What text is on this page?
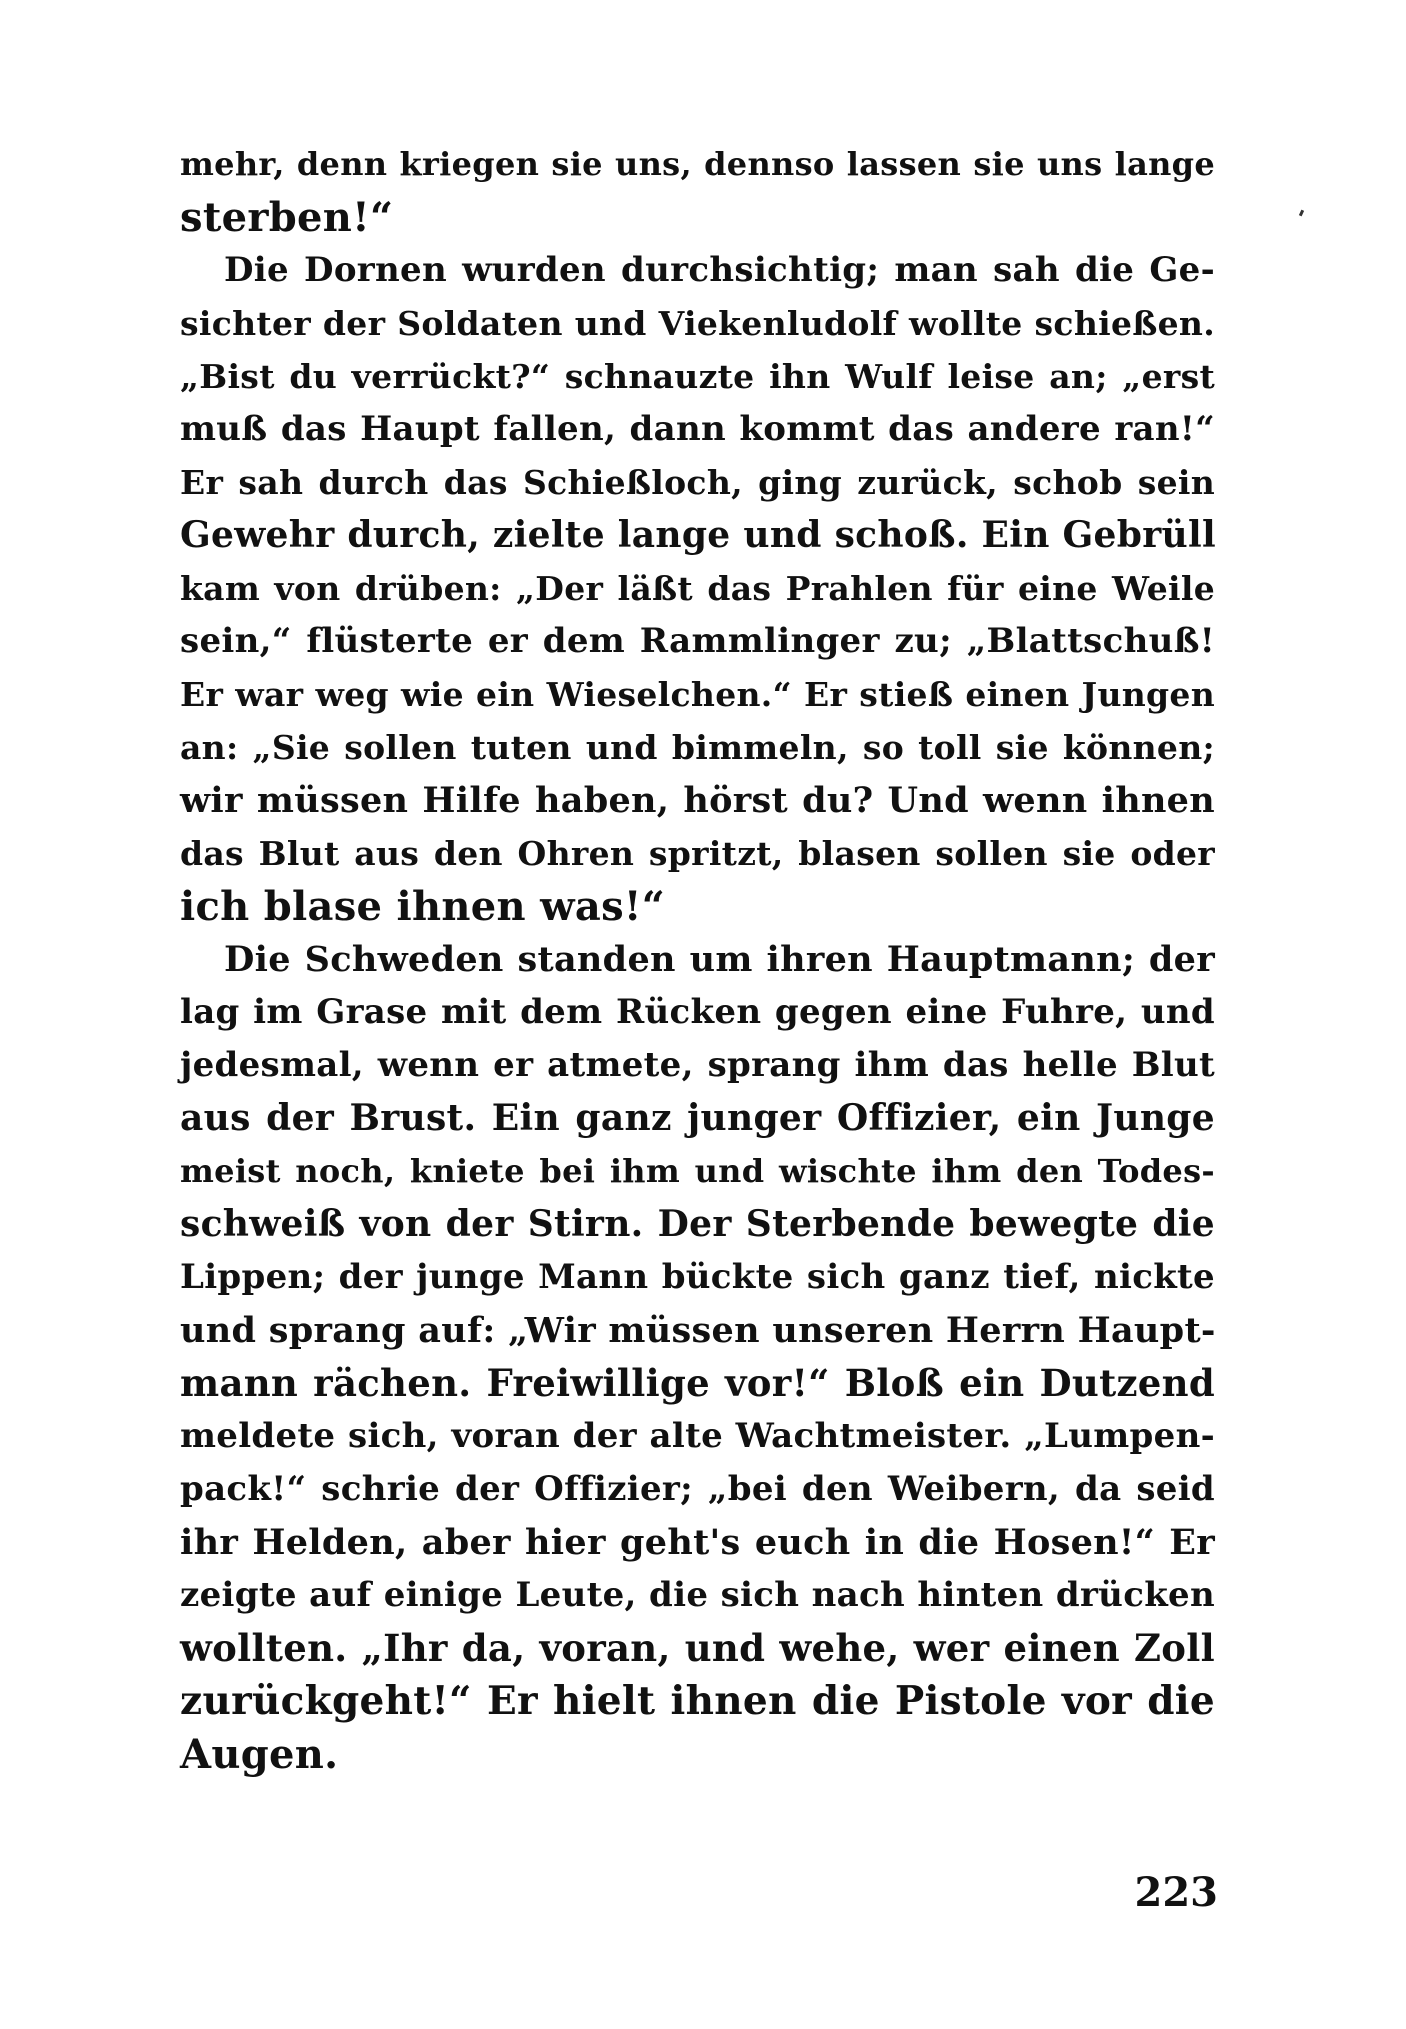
mehr, denn kriegen sie uns, dennso lassen sie uns lange
sterben!“
Die Dornen wurden durchsichtig; man sah die Ge-
sichter der Soldaten und Viekenludolf wollte schießen.
„Bist du verrückt?“ schnauzte ihn Wulf leise an; „erst
muß das Haupt fallen, dann kommt das andere ran!“
Er sah durch das Schießloch, ging zurück, schob sein
Gewehr durch, zielte lange und schoß. Ein Gebrüll
kam von drüben: „Der läßt das Prahlen für eine Weile
sein,“ flüsterte er dem Rammlinger zu; „Blattschuß!
Er war weg wie ein Wieselchen.“ Er stieß einen Jungen
an: „Sie sollen tuten und bimmeln, so toll sie können;
wir müssen Hilfe haben, hörst du? Und wenn ihnen
das Blut aus den Ohren spritzt, blasen sollen sie oder
ich blase ihnen was!“
Die Schweden standen um ihren Hauptmann; der
lag im Grase mit dem Rücken gegen eine Fuhre, und
jedesmal, wenn er atmete, sprang ihm das helle Blut
aus der Brust. Ein ganz junger Offizier, ein Junge
meist noch, kniete bei ihm und wischte ihm den Todes-
schweiß von der Stirn. Der Sterbende bewegte die
Lippen; der junge Mann bückte sich ganz tief, nickte
und sprang auf: „Wir müssen unseren Herrn Haupt-
mann rächen. Freiwillige vor!“ Bloß ein Dutzend
meldete sich, voran der alte Wachtmeister. „Lumpen-
pack!“ schrie der Offizier; „bei den Weibern, da seid
ihr Helden, aber hier geht's euch in die Hosen!“ Er
zeigte auf einige Leute, die sich nach hinten drücken
wollten. „Ihr da, voran, und wehe, wer einen Zoll
zurückgeht!“ Er hielt ihnen die Pistole vor die
Augen.
223
